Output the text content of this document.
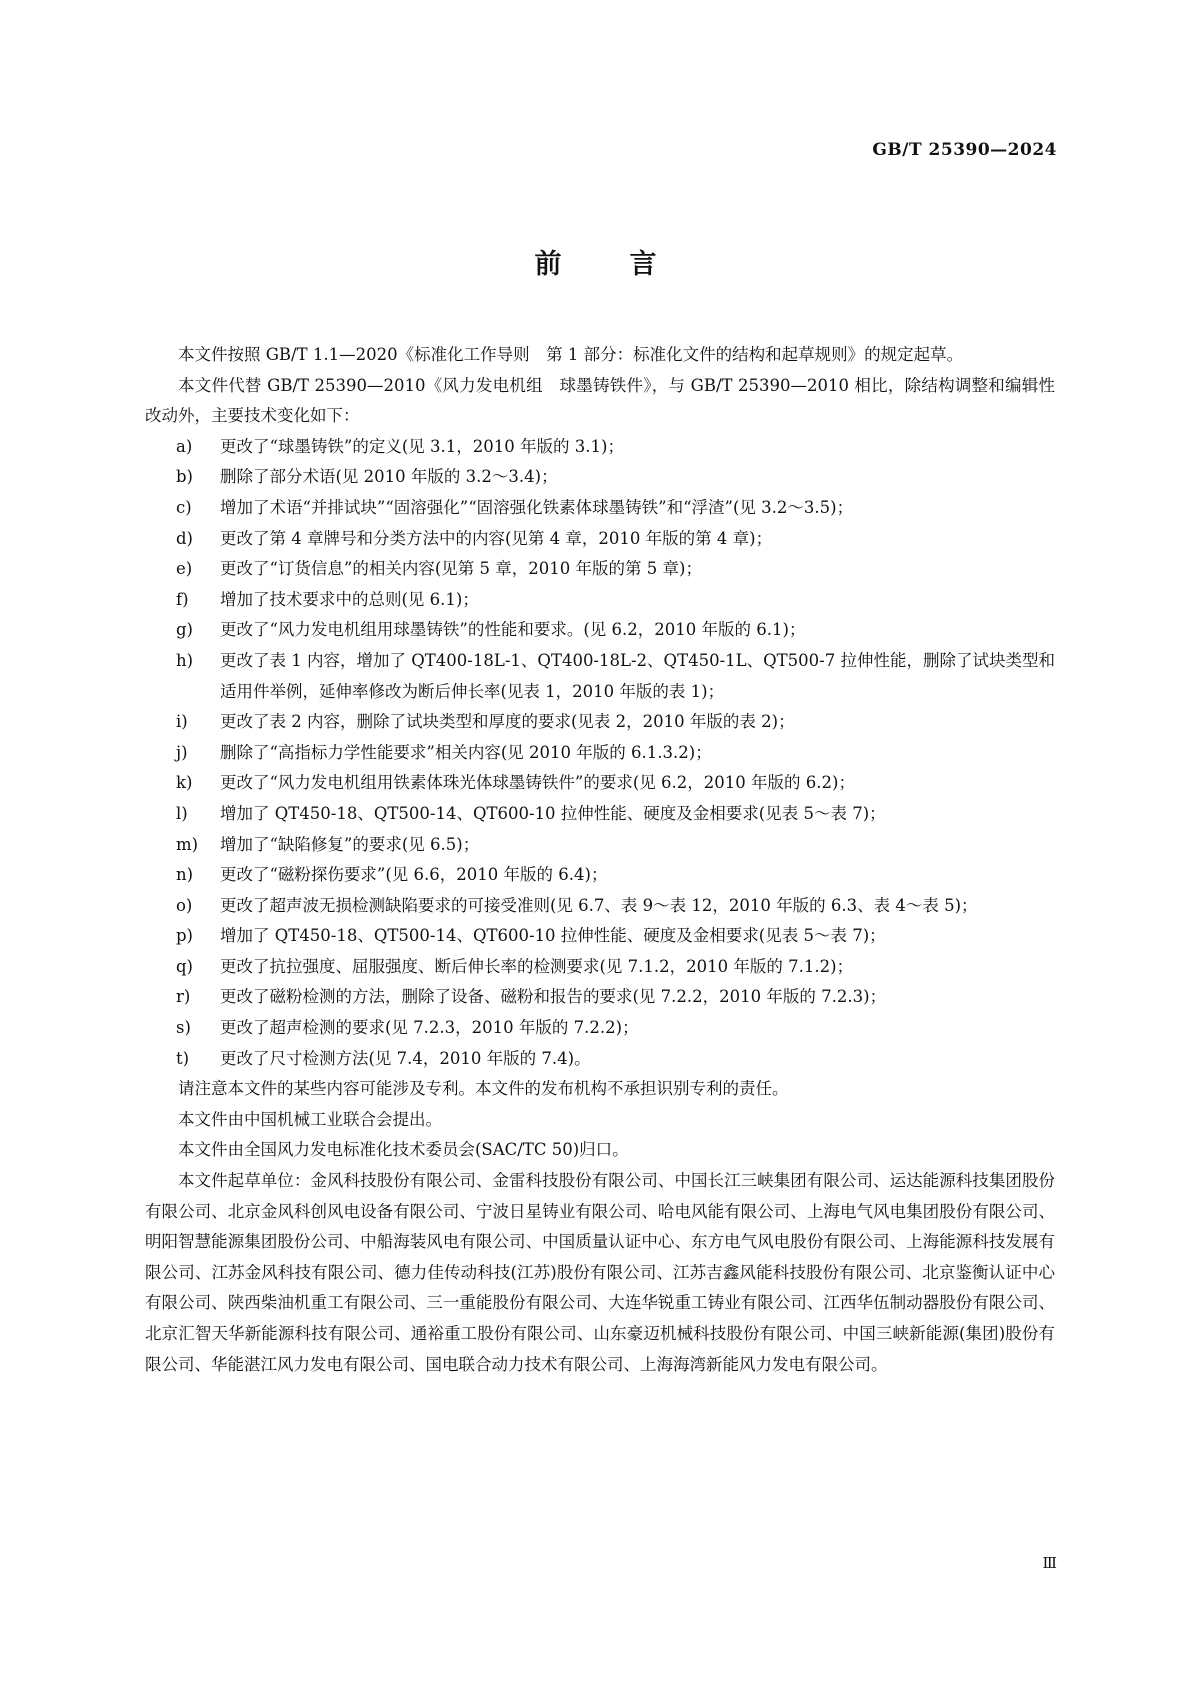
GB/T 25390—2024
前	言

本文件按照 GB/T 1.1—2020《标准化工作导则　第 1 部分：标准化文件的结构和起草规则》的规定起草。

本文件代替 GB/T 25390—2010《风力发电机组　球墨铸铁件》，与 GB/T 25390—2010 相比，除结构调整和编辑性改动外，主要技术变化如下：

a)	更改了“球墨铸铁”的定义(见 3.1，2010 年版的 3.1)；
b)	删除了部分术语(见 2010 年版的 3.2～3.4)；
c)	增加了术语“并排试块”“固溶强化”“固溶强化铁素体球墨铸铁”和“浮渣”(见 3.2～3.5)；
d)	更改了第 4 章牌号和分类方法中的内容(见第 4 章，2010 年版的第 4 章)；
e)	更改了“订货信息”的相关内容(见第 5 章，2010 年版的第 5 章)；
f)	增加了技术要求中的总则(见 6.1)；
g)	更改了“风力发电机组用球墨铸铁”的性能和要求。(见 6.2，2010 年版的 6.1)；
h)	更改了表 1 内容，增加了 QT400-18L-1、QT400-18L-2、QT450-1L、QT500-7 拉伸性能，删除了试块类型和适用件举例，延伸率修改为断后伸长率(见表 1，2010 年版的表 1)；
i)	更改了表 2 内容，删除了试块类型和厚度的要求(见表 2，2010 年版的表 2)；
j)	删除了“高指标力学性能要求”相关内容(见 2010 年版的 6.1.3.2)；
k)	更改了“风力发电机组用铁素体珠光体球墨铸铁件”的要求(见 6.2，2010 年版的 6.2)；
l)	增加了 QT450-18、QT500-14、QT600-10 拉伸性能、硬度及金相要求(见表 5～表 7)；
m)	增加了“缺陷修复”的要求(见 6.5)；
n)	更改了“磁粉探伤要求”(见 6.6，2010 年版的 6.4)；
o)	更改了超声波无损检测缺陷要求的可接受准则(见 6.7、表 9～表 12，2010 年版的 6.3、表 4～表 5)；
p)	增加了 QT450-18、QT500-14、QT600-10 拉伸性能、硬度及金相要求(见表 5～表 7)；
q)	更改了抗拉强度、屈服强度、断后伸长率的检测要求(见 7.1.2，2010 年版的 7.1.2)；
r)	更改了磁粉检测的方法，删除了设备、磁粉和报告的要求(见 7.2.2，2010 年版的 7.2.3)；
s)	更改了超声检测的要求(见 7.2.3，2010 年版的 7.2.2)；
t)	更改了尺寸检测方法(见 7.4，2010 年版的 7.4)。

请注意本文件的某些内容可能涉及专利。本文件的发布机构不承担识别专利的责任。

本文件由中国机械工业联合会提出。

本文件由全国风力发电标准化技术委员会(SAC/TC 50)归口。

本文件起草单位：金风科技股份有限公司、金雷科技股份有限公司、中国长江三峡集团有限公司、运达能源科技集团股份有限公司、北京金风科创风电设备有限公司、宁波日星铸业有限公司、哈电风能有限公司、上海电气风电集团股份有限公司、明阳智慧能源集团股份公司、中船海装风电有限公司、中国质量认证中心、东方电气风电股份有限公司、上海能源科技发展有限公司、江苏金风科技有限公司、德力佳传动科技(江苏)股份有限公司、江苏吉鑫风能科技股份有限公司、北京鉴衡认证中心有限公司、陕西柴油机重工有限公司、三一重能股份有限公司、大连华锐重工铸业有限公司、江西华伍制动器股份有限公司、北京汇智天华新能源科技有限公司、通裕重工股份有限公司、山东豪迈机械科技股份有限公司、中国三峡新能源(集团)股份有限公司、华能湛江风力发电有限公司、国电联合动力技术有限公司、上海海湾新能风力发电有限公司。

Ⅲ
